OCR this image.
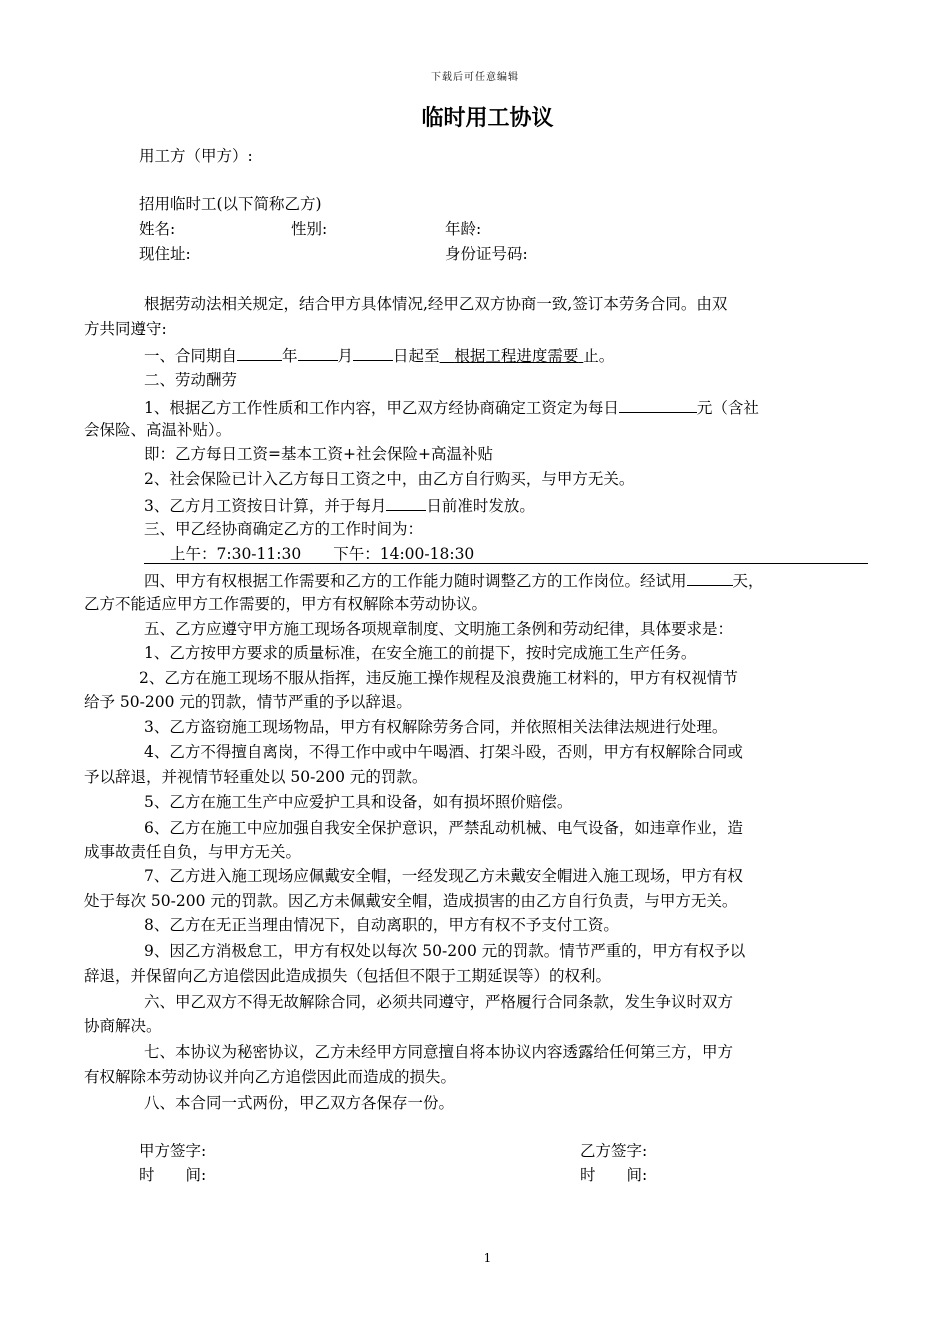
下载后可任意编辑
临时用工协议
用工方（甲方）:
招用临时工(以下简称乙方)
姓名:	性别:	年龄:
现住址:	身份证号码:
根据劳动法相关规定，结合甲方具体情况,经甲乙双方协商一致,签订本劳务合同。由双
方共同遵守:
一、合同期自	年	月	日起至 根据工程进度需要 止。
二、劳动酬劳
1、根据乙方工作性质和工作内容，甲乙双方经协商确定工资定为每日	元（含社
会保险、高温补贴）。
即：乙方每日工资=基本工资+社会保险+高温补贴
2、社会保险已计入乙方每日工资之中，由乙方自行购买，与甲方无关。
3、乙方月工资按日计算，并于每月	日前准时发放。
三、甲乙经协商确定乙方的工作时间为：
上午：7:30-11:30 下午：14:00-18:30
四、甲方有权根据工作需要和乙方的工作能力随时调整乙方的工作岗位。经试用	天，
乙方不能适应甲方工作需要的，甲方有权解除本劳动协议。
五、乙方应遵守甲方施工现场各项规章制度、文明施工条例和劳动纪律，具体要求是：
1、乙方按甲方要求的质量标准，在安全施工的前提下，按时完成施工生产任务。
2、乙方在施工现场不服从指挥，违反施工操作规程及浪费施工材料的，甲方有权视情节
给予 50-200 元的罚款，情节严重的予以辞退。
3、乙方盗窃施工现场物品，甲方有权解除劳务合同，并依照相关法律法规进行处理。
4、乙方不得擅自离岗，不得工作中或中午喝酒、打架斗殴，否则，甲方有权解除合同或
予以辞退，并视情节轻重处以 50-200 元的罚款。
5、乙方在施工生产中应爱护工具和设备，如有损坏照价赔偿。
6、乙方在施工中应加强自我安全保护意识，严禁乱动机械、电气设备，如违章作业，造
成事故责任自负，与甲方无关。
7、乙方进入施工现场应佩戴安全帽，一经发现乙方未戴安全帽进入施工现场，甲方有权
处于每次 50-200 元的罚款。因乙方未佩戴安全帽，造成损害的由乙方自行负责，与甲方无关。
8、乙方在无正当理由情况下，自动离职的，甲方有权不予支付工资。
9、因乙方消极怠工，甲方有权处以每次 50-200 元的罚款。情节严重的，甲方有权予以
辞退，并保留向乙方追偿因此造成损失（包括但不限于工期延误等）的权利。
六、甲乙双方不得无故解除合同，必须共同遵守，严格履行合同条款，发生争议时双方
协商解决。
七、本协议为秘密协议，乙方未经甲方同意擅自将本协议内容透露给任何第三方，甲方
有权解除本劳动协议并向乙方追偿因此而造成的损失。
八、本合同一式两份，甲乙双方各保存一份。
甲方签字:	乙方签字:
时　　间:	时　　间:
1
